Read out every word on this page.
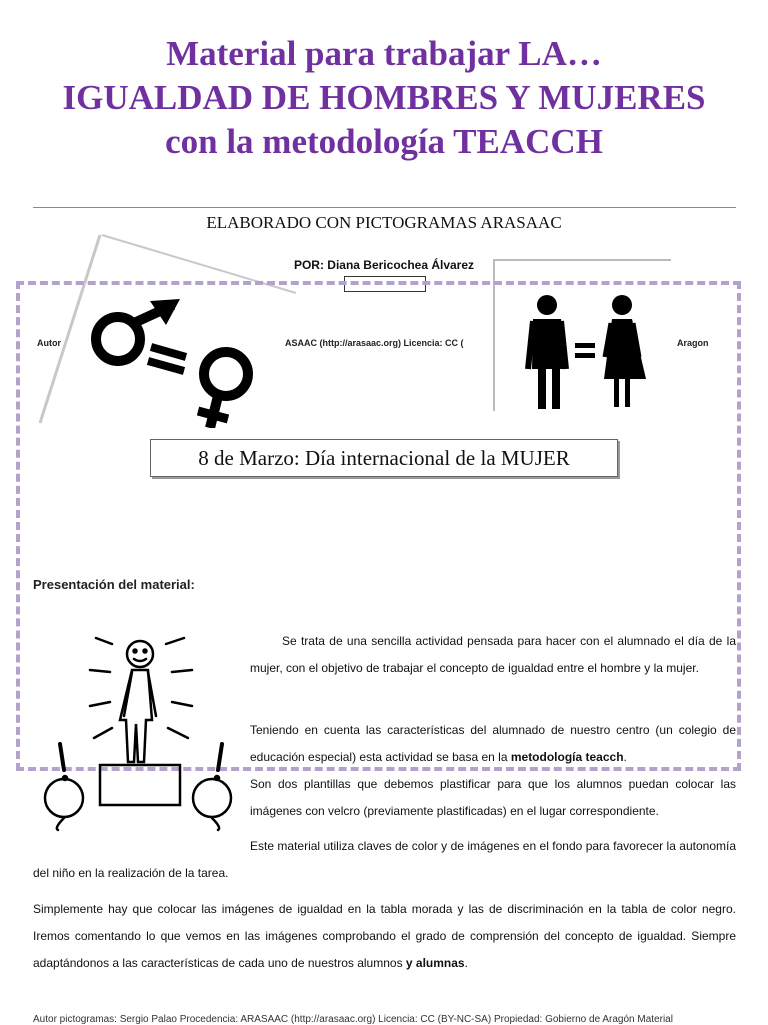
Material para trabajar LA…
IGUALDAD DE HOMBRES Y MUJERES
con la metodología TEACCH
ELABORADO CON PICTOGRAMAS ARASAAC
POR: Diana Bericochea Álvarez
Autor	ASAAC (http://arasaac.org) Licencia: CC (	Aragon
8 de Marzo: Día internacional de la MUJER
Presentación del material:

Se trata de una sencilla actividad pensada para hacer con el alumnado el día de la mujer, con el objetivo de trabajar el concepto de igualdad entre el hombre y la mujer.

Teniendo en cuenta las características del alumnado de nuestro centro (un colegio de educación especial) esta actividad se basa en la metodología teacch.

Son dos plantillas que debemos plastificar para que los alumnos puedan colocar las imágenes con velcro (previamente plastificadas) en el lugar correspondiente.

Este material utiliza claves de color y de imágenes en el fondo para favorecer la autonomía del niño en la realización de la tarea.

Simplemente hay que colocar las imágenes de igualdad en la tabla morada y las de discriminación en la tabla de color negro. Iremos comentando lo que vemos en las imágenes comprobando el grado de comprensión del concepto de igualdad. Siempre adaptándonos a las características de cada uno de nuestros alumnos y alumnas.

Autor pictogramas: Sergio Palao Procedencia: ARASAAC (http://arasaac.org) Licencia: CC (BY-NC-SA) Propiedad: Gobierno de Aragón Material
